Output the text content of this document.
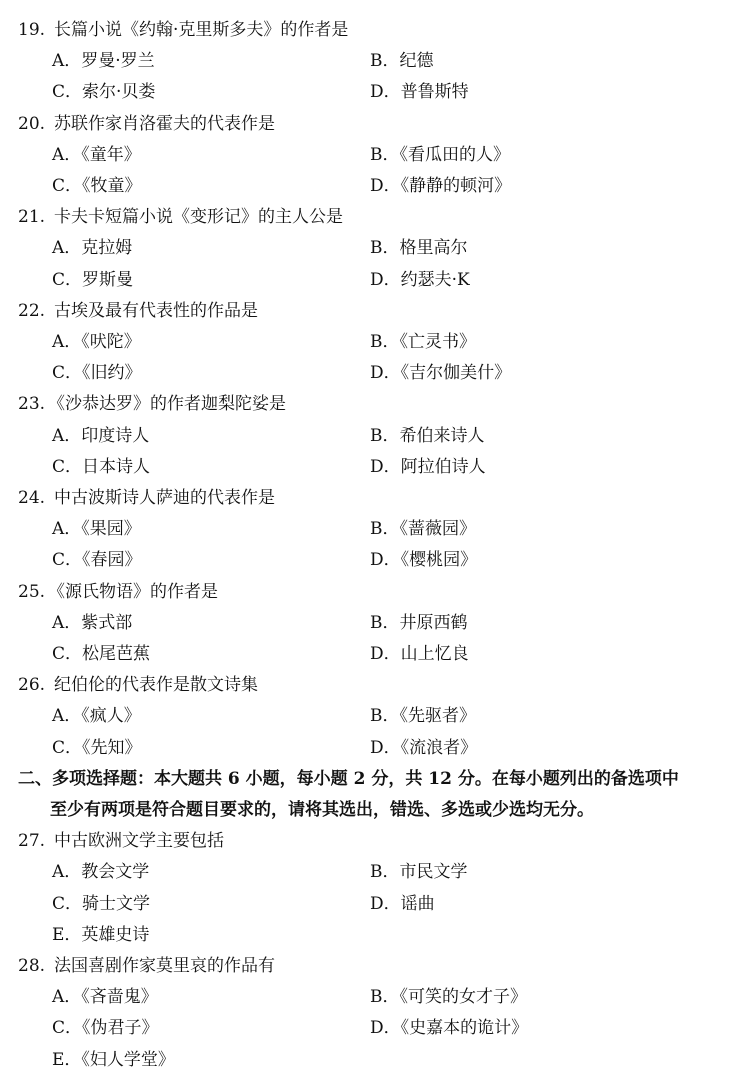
19. 长篇小说《约翰·克里斯多夫》的作者是
A．罗曼·罗兰	B．纪德
C．索尔·贝娄	D．普鲁斯特
20. 苏联作家肖洛霍夫的代表作是
A．《童年》	B．《看瓜田的人》
C．《牧童》	D．《静静的顿河》
21. 卡夫卡短篇小说《变形记》的主人公是
A．克拉姆	B．格里高尔
C．罗斯曼	D．约瑟夫·K
22. 古埃及最有代表性的作品是
A．《吠陀》	B．《亡灵书》
C．《旧约》	D．《吉尔伽美什》
23. 《沙恭达罗》的作者迦梨陀娑是
A．印度诗人	B．希伯来诗人
C．日本诗人	D．阿拉伯诗人
24. 中古波斯诗人萨迪的代表作是
A．《果园》	B．《蔷薇园》
C．《春园》	D．《樱桃园》
25. 《源氏物语》的作者是
A．紫式部	B．井原西鹤
C．松尾芭蕉	D．山上忆良
26. 纪伯伦的代表作是散文诗集
A．《疯人》	B．《先驱者》
C．《先知》	D．《流浪者》
二、多项选择题：本大题共 6 小题，每小题 2 分，共 12 分。在每小题列出的备选项中
至少有两项是符合题目要求的，请将其选出，错选、多选或少选均无分。
27. 中古欧洲文学主要包括
A．教会文学	B．市民文学
C．骑士文学	D．谣曲
E．英雄史诗
28. 法国喜剧作家莫里哀的作品有
A．《吝啬鬼》	B．《可笑的女才子》
C．《伪君子》	D．《史嘉本的诡计》
E．《妇人学堂》
